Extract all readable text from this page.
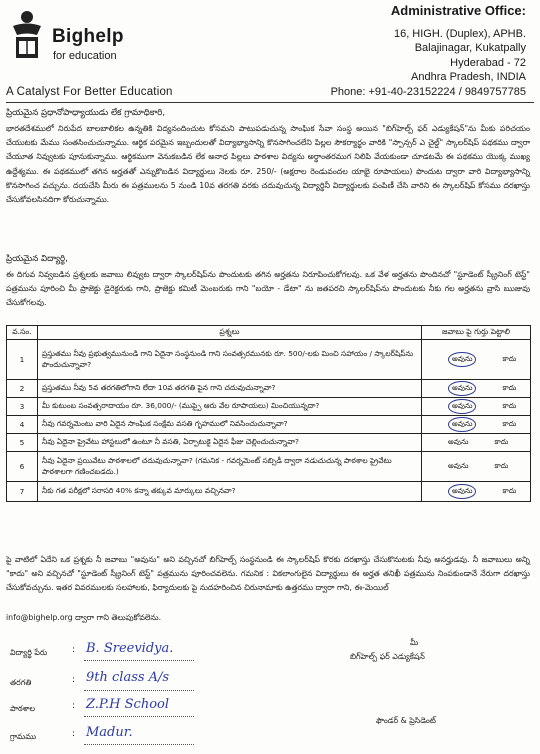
Bighelp
for education
A Catalyst For Better Education
Administrative Office:
16, HIGH. (Duplex), APHB.
Balajinagar, Kukatpally
Hyderabad - 72
Andhra Pradesh, INDIA
Phone: +91-40-23152224 / 9849757785
ప్రియమైన ప్రధానోపాధ్యాయుడు లేక గ్రామాధికారి,
భారతదేశములో నిరుపేద బాలబాలికల ఉన్నతికి విద్యనందించుట కోసమని పాటుపడుచున్న సాంఘిక సేవా సంస్థ అయిన "బిగ్‌హెల్ప్ ఫర్ ఎడ్యుకేషన్"ను మీకు పరిచయం చేయుటకు మేము సంతసించుచున్నాము. ఆర్థిక పరమైన ఇబ్బందులతో విద్యాభ్యాసాన్ని కొనసాగించలేని పిల్లల సౌకర్యార్థం వారికి "స్పాన్సర్ ఎ చైల్డ్" స్కాలర్‌షిప్ పథకము ద్వారా చేయూత నివ్వుటకు పూనుకున్నాము. ఆర్థికముగా వెనుకబడిన లేక అనాధ పిల్లలు పాఠశాల విద్యను అర్థాంతరముగ నిలిపి వేయకుండా చూడటమే ఈ పథకము యొక్క ముఖ్య ఉద్దేశ్యము. ఈ పథకములో తగిన అర్హతతో ఎన్నుకొబడిన విద్యార్థులు నెలకు రూ. 250/- (అక్షరాల రెండువందల యాభై రూపాయలు) పొందుట ద్వారా వారి విద్యాభ్యాసాన్ని కొనసాగించ వచ్చును. దయచేసి మీరు ఈ పత్రములను 5 నుండి 10వ తరగతి వరకు చదువుచున్న విద్యార్థినీ విద్యార్థులకు పంపిణీ చేసి వారిని ఈ స్కాలర్‌షిప్ కోసము దరఖాస్తు చేసుకోవలసినదిగా కోరుచున్నాము.
ప్రియమైన విద్యార్థి,
ఈ దిగువ నివ్వబడిన ప్రశ్నలకు జవాబు లివ్వుట ద్వారా స్కాలర్‌షిప్‌ను పొందుటకు తగిన అర్హతను నిరూపించుకోగలవు. ఒక వేళ అర్హతను పొందినచో "స్టూడెంట్ స్క్రీనింగ్ టెస్ట్" పత్రమును పూరించి మీ ప్రాజెక్టు డైరెక్టరుకు గాని, ప్రాజెక్టు కమిటీ మెంబరుకు గాని "బయో - డేటా" ను జతపరచి స్కాలర్‌షిప్‌ను పొందుటకు నీకు గల అర్హతను వ్రాసి ఋజువు చేసుకోగలవు.
వ.సం.	ప్రశ్నలు	జవాబు పై గుర్తు పెట్టాలి
1	ప్రస్తుతము నీవు ప్రభుత్వమునుండి గాని ఏదైనా సంస్థనుండి గాని సంవత్సరమునకు రూ. 500/-లకు మించి సహాయం / స్కాలర్‌షిప్‌ను పొందుచున్నావా?	అవును కాదు
2	ప్రస్తుతము నీవు 5వ తరగతిలోగాని లేదా 10వ తరగతి పైన గాని చదువుచున్నావా?	అవును కాదు
3	మీ కుటుంబ సంవత్సరాదాయం రూ. 36,000/- (ముప్పై ఆరు వేల రూపాయలు) మించియున్నదా?	అవును కాదు
4	నీవు గవర్నమెంటు వారి ఏదైన సాంఘిక సంక్షేమ వసతి గృహములో నివసించుచున్నావా?	అవును కాదు
5	నీవు ఏదైనా ప్రైవేటు హాస్టలులో ఉంటూ నీ వసతి, ఏర్పాటుకై ఏదైన ఫీజు చెల్లించుచున్నావా?	అవును కాదు
6	నీవు ఏదైనా ప్రయివేటు పాఠశాలలో చదువుచున్నావా? (గమనిక - గవర్నమెంట్ సబ్సిడీ ద్వారా నడుచుచున్న పాఠశాల ప్రైవేటు పాఠశాలగా గణించబడదు.)	అవును కాదు
7	నీకు గత పరీక్షలో సరాసరి 40% కన్నా తక్కువ మార్కులు వచ్చినవా?	అవును కాదు
పై వాటిలో ఏదేని ఒక ప్రశ్నకు నీ జవాబు "అవును" అని వచ్చినచో బిగ్‌హెల్ప్ సంస్థనుండి ఈ స్కాలర్‌షిప్ కొరకు దరఖాస్తు చేసుకొనుటకు నీవు అనర్హుడవు. నీ జవాబులు అన్ని "కాదు" అని వచ్చినచో "స్టూడెంట్ స్క్రీనింగ్ టెస్ట్" పత్రమును పూరించవలెను. గమనిక : వికలాంగులైన విద్యార్థులు ఈ అర్హత తనిఖీ పత్రమును నింపకుండానే నేరుగా దరఖాస్తు చేసుకోవచ్చును. ఇతర వివరములకు సలహాలకు, ఫిర్యాదులకు పై నుదహరించిన చిరునామాకు ఉత్తరము ద్వారా గాని, ఈ-మెయిల్
info@bighelp.org ద్వారా గాని తెలుపుకోవలెను.
విద్యార్థి పేరు	: B. Sreevidya.
తరగతి	: 9th class A/s
పాఠశాల	: Z.P.H School
గ్రామము	: Madur.
మీ
బిగ్‌హెల్ప్ ఫర్ ఎడ్యుకేషన్
ఫౌండర్ & ప్రెసిడెంట్
